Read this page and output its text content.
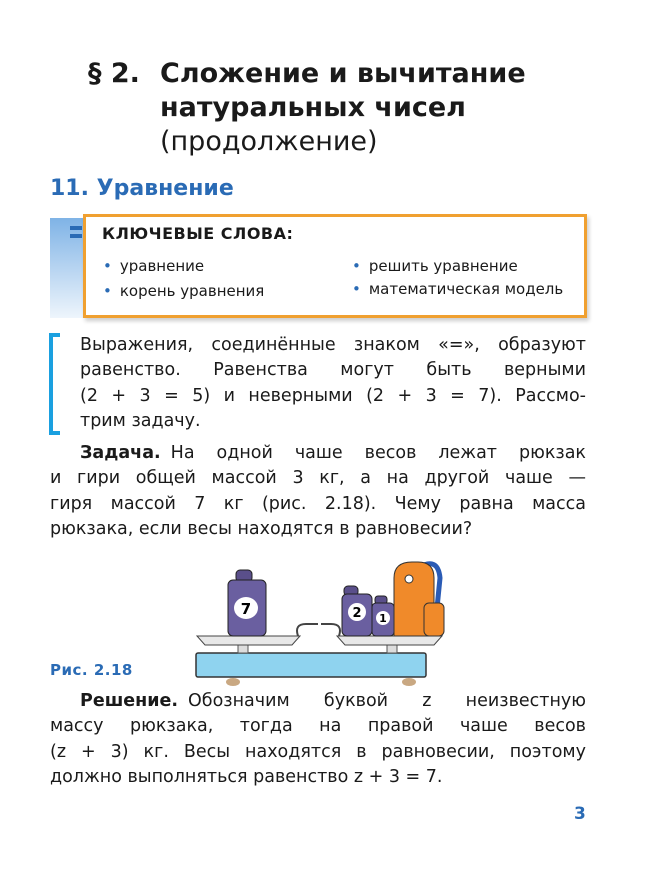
§ 2. Сложение и вычитание
натуральных чисел
(продолжение)
11. Уравнение
КЛЮЧЕВЫЕ СЛОВА:
• уравнение
• корень уравнения
• решить уравнение
• математическая модель
Выражения, соединённые знаком «=», образуют
равенство. Равенства могут быть верными
(2 + 3 = 5) и неверными (2 + 3 = 7). Рассмо-
трим задачу.
Задача. На одной чаше весов лежат рюкзак
и гири общей массой 3 кг, а на другой чаше —
гиря массой 7 кг (рис. 2.18). Чему равна масса
рюкзака, если весы находятся в равновесии?
7	2 1
Рис. 2.18
Решение. Обозначим буквой z неизвестную
массу рюкзака, тогда на правой чаше весов
(z + 3) кг. Весы находятся в равновесии, поэтому
должно выполняться равенство z + 3 = 7.
3
